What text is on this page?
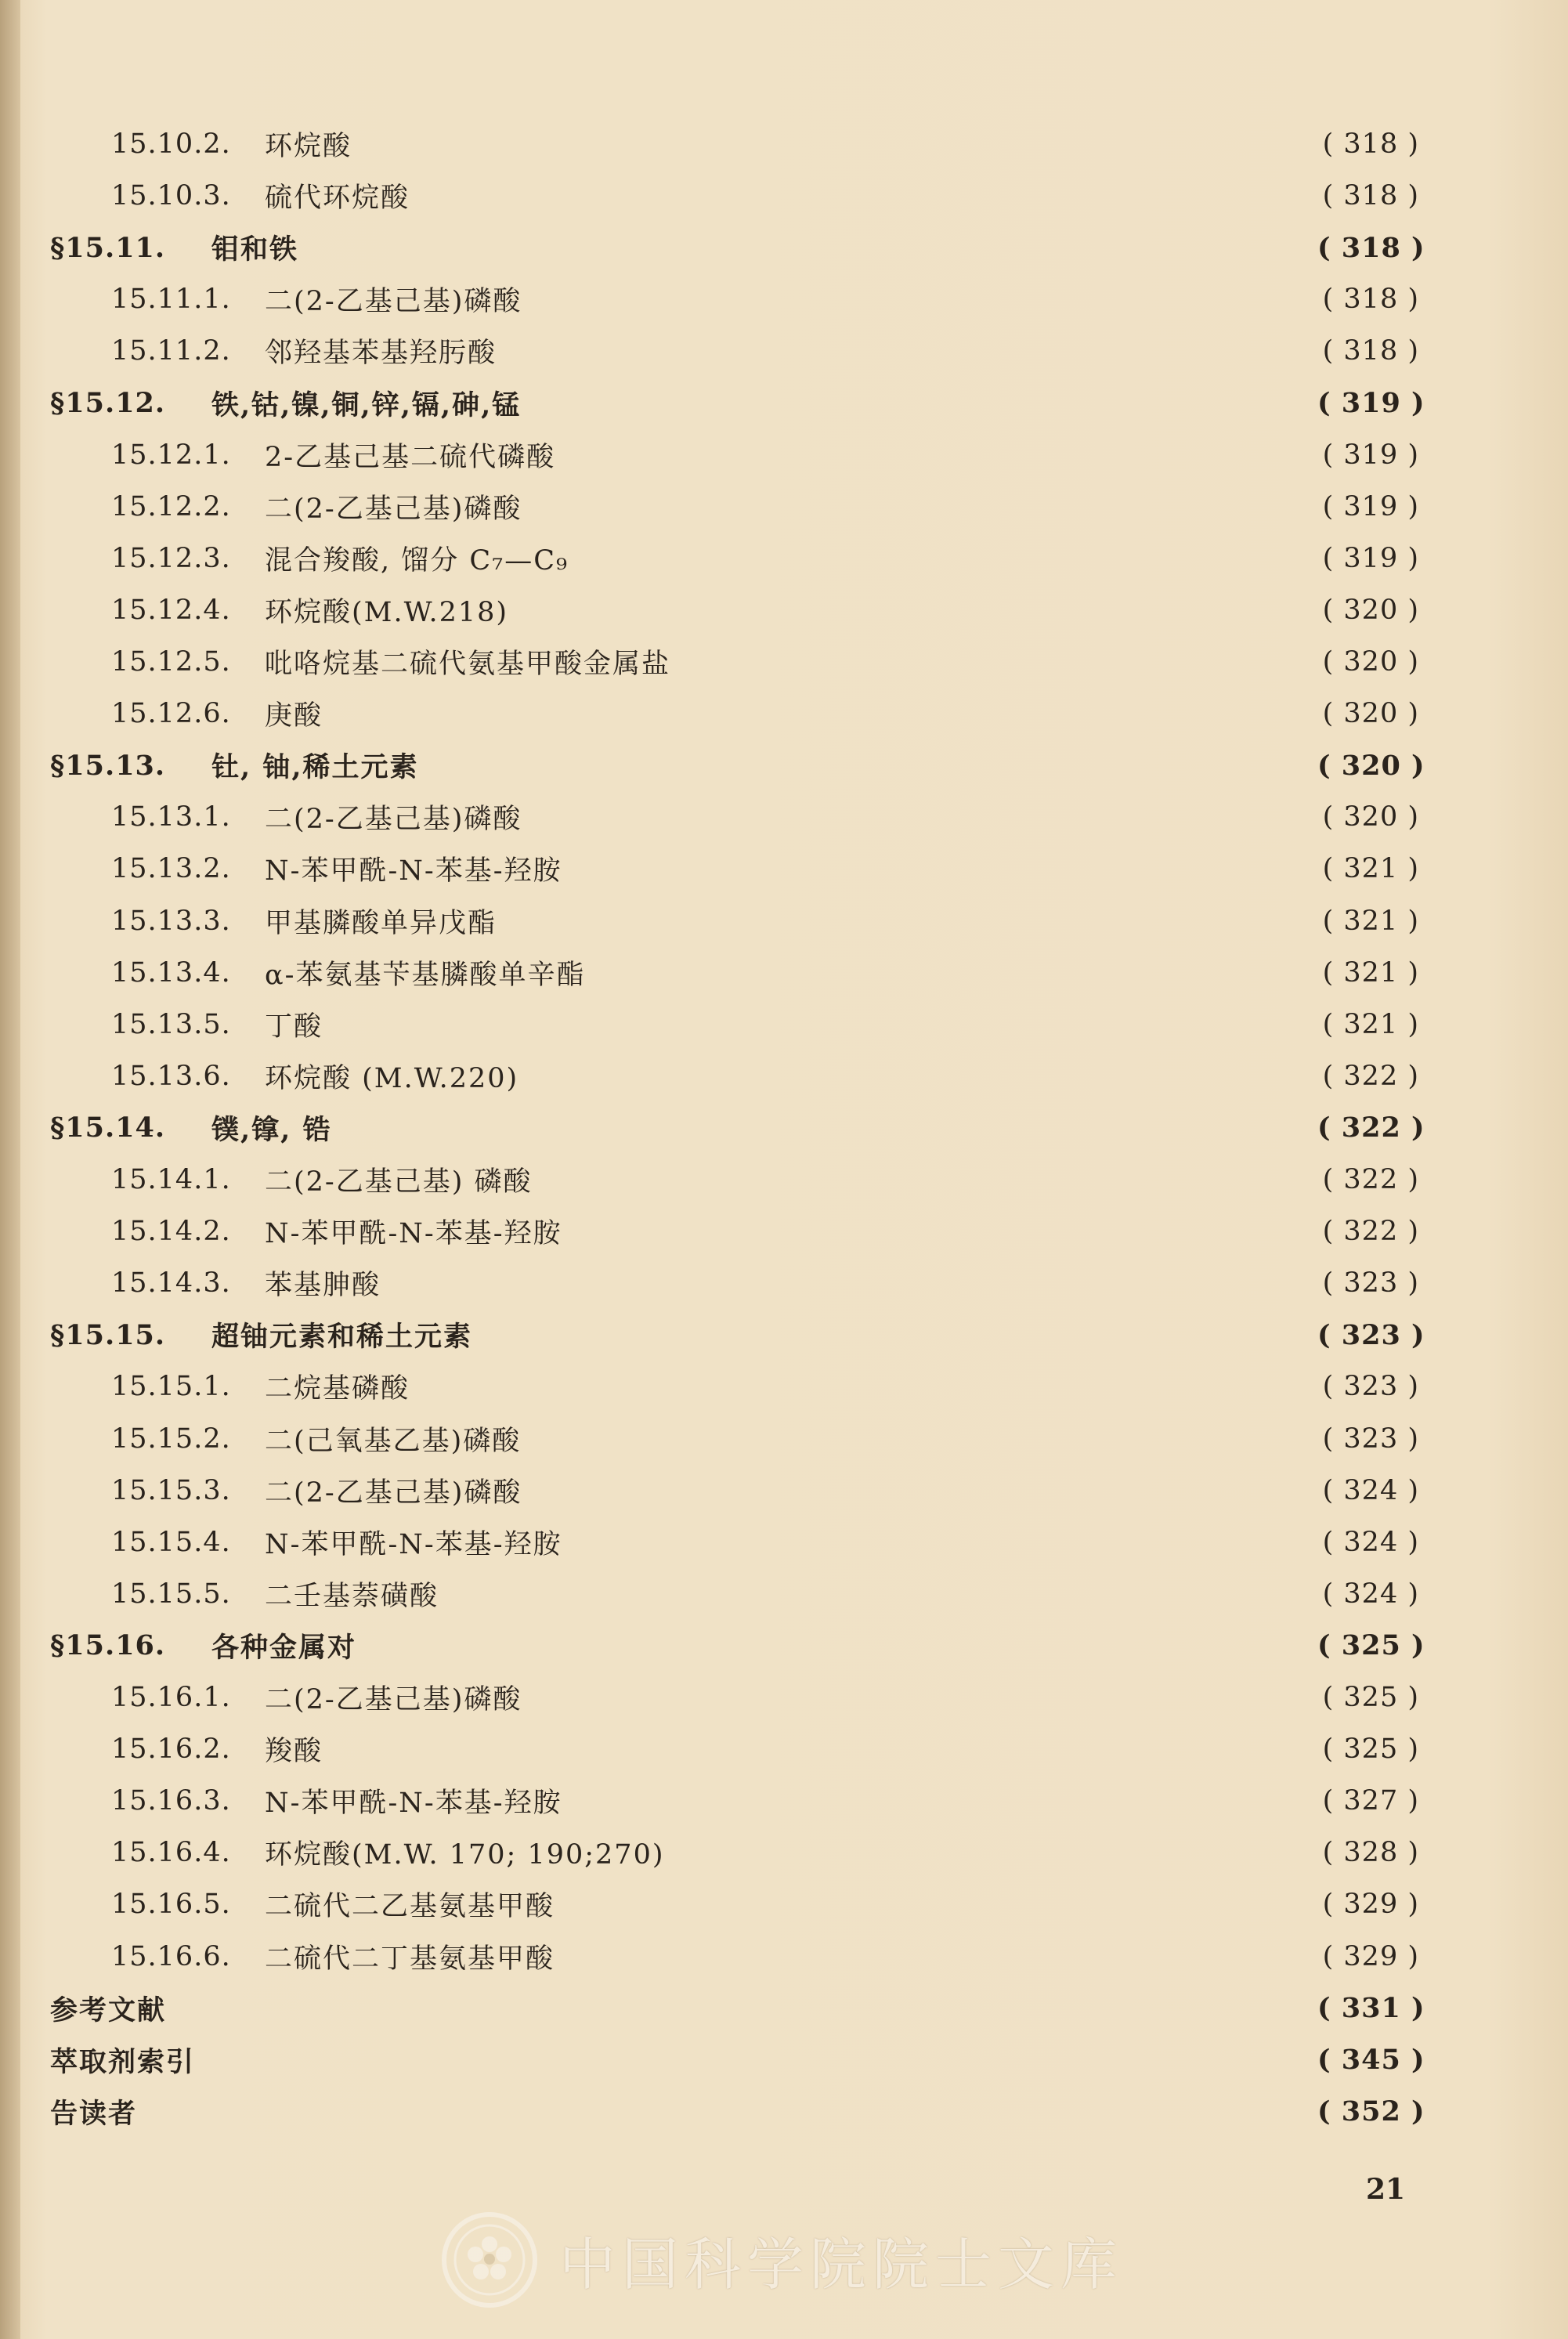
15.10.2. 环烷酸	( 318 )
15.10.3. 硫代环烷酸	( 318 )
§15.11.	钼和铁	( 318 )
15.11.1. 二(2-乙基己基)磷酸	( 318 )
15.11.2. 邻羟基苯基羟肟酸	( 318 )
§15.12.	铁,钴,镍,铜,锌,镉,砷,锰	( 319 )
15.12.1. 2-乙基己基二硫代磷酸	( 319 )
15.12.2. 二(2-乙基己基)磷酸	( 319 )
15.12.3. 混合羧酸, 馏分 C₇—C₉	( 319 )
15.12.4. 环烷酸(M.W.218)	( 320 )
15.12.5. 吡咯烷基二硫代氨基甲酸金属盐	( 320 )
15.12.6. 庚酸	( 320 )
§15.13.	钍, 铀,稀土元素	( 320 )
15.13.1. 二(2-乙基己基)磷酸	( 320 )
15.13.2. N-苯甲酰-N-苯基-羟胺	( 321 )
15.13.3. 甲基膦酸单异戊酯	( 321 )
15.13.4. α-苯氨基苄基膦酸单辛酯	( 321 )
15.13.5. 丁酸	( 321 )
15.13.6. 环烷酸 (M.W.220)	( 322 )
§15.14.	镤,镎, 锆	( 322 )
15.14.1. 二(2-乙基己基) 磷酸	( 322 )
15.14.2. N-苯甲酰-N-苯基-羟胺	( 322 )
15.14.3. 苯基胂酸	( 323 )
§15.15.	超铀元素和稀土元素	( 323 )
15.15.1. 二烷基磷酸	( 323 )
15.15.2. 二(己氧基乙基)磷酸	( 323 )
15.15.3. 二(2-乙基己基)磷酸	( 324 )
15.15.4. N-苯甲酰-N-苯基-羟胺	( 324 )
15.15.5. 二壬基萘磺酸	( 324 )
§15.16.	各种金属对	( 325 )
15.16.1. 二(2-乙基己基)磷酸	( 325 )
15.16.2. 羧酸	( 325 )
15.16.3. N-苯甲酰-N-苯基-羟胺	( 327 )
15.16.4. 环烷酸(M.W. 170; 190;270)	( 328 )
15.16.5. 二硫代二乙基氨基甲酸	( 329 )
15.16.6. 二硫代二丁基氨基甲酸	( 329 )
参考文献	( 331 )
萃取剂索引	( 345 )
告读者	( 352 )
21
中国科学院院士文库
